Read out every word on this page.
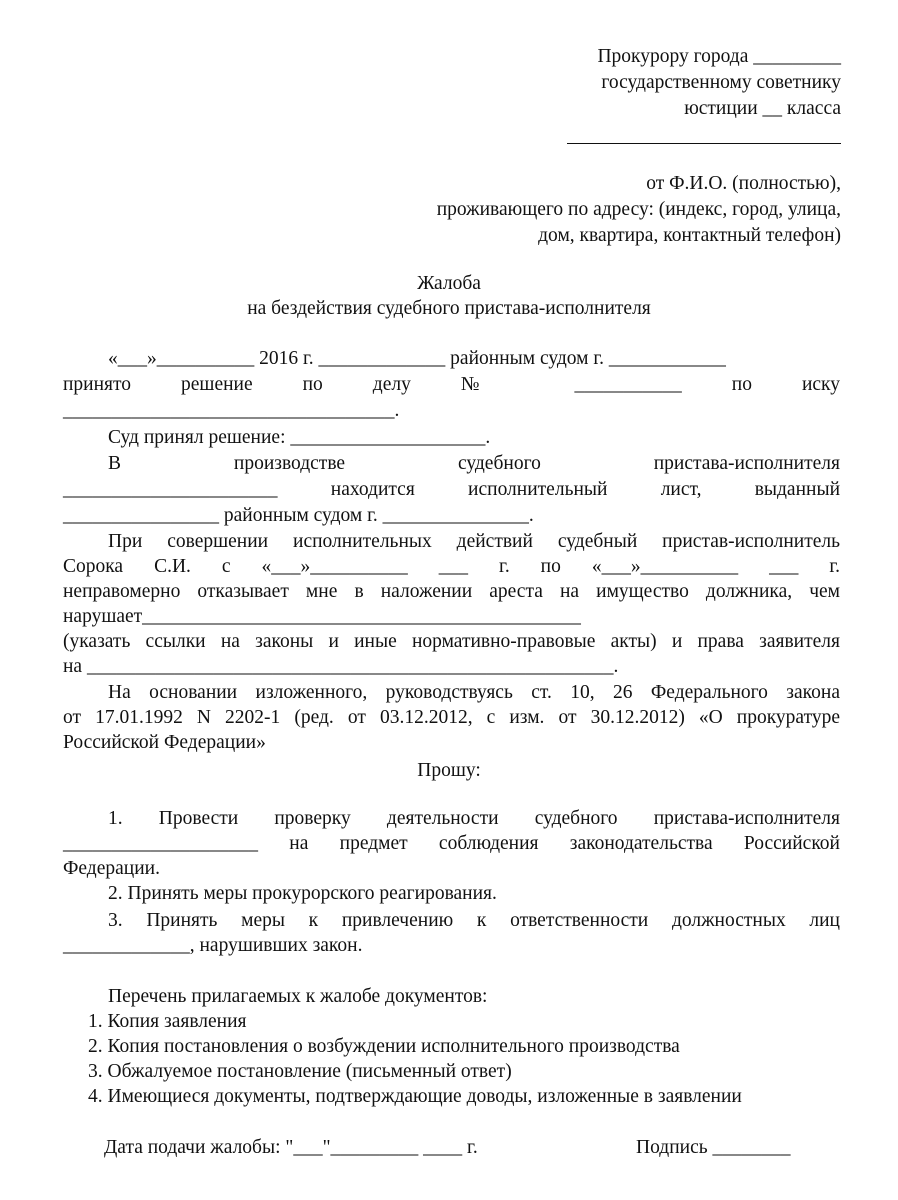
Прокурору города _________
государственному советнику
юстиции __ класса
от Ф.И.О. (полностью),
проживающего по адресу: (индекс, город, улица,
дом, квартира, контактный телефон)
Жалоба
на бездействия судебного пристава-исполнителя
«___»__________ 2016 г. _____________ районным судом г. ____________
принято решение по делу № ___________ по иску
__________________________________.
Суд принял решение: ____________________.
В производстве судебного пристава-исполнителя
______________________ находится исполнительный лист, выданный
________________ районным судом г. _______________.
При совершении исполнительных действий судебный пристав-исполнитель
Сорока С.И. с «___»__________ ___ г. по «___»__________ ___ г.
неправомерно отказывает мне в наложении ареста на имущество должника, чем
нарушает_____________________________________________
(указать ссылки на законы и иные нормативно-правовые акты) и права заявителя
на ______________________________________________________.
На основании изложенного, руководствуясь ст. 10, 26 Федерального закона
от 17.01.1992 N 2202-1 (ред. от 03.12.2012, с изм. от 30.12.2012) «О прокуратуре
Российской Федерации»
Прошу:
1. Провести проверку деятельности судебного пристава-исполнителя
____________________ на предмет соблюдения законодательства Российской
Федерации.
2. Принять меры прокурорского реагирования.
3. Принять меры к привлечению к ответственности должностных лиц
_____________, нарушивших закон.
Перечень прилагаемых к жалобе документов:
1. Копия заявления
2. Копия постановления о возбуждении исполнительного производства
3. Обжалуемое постановление (письменный ответ)
4. Имеющиеся документы, подтверждающие доводы, изложенные в заявлении
Дата подачи жалобы: "___"_________ ____ г.	Подпись ________
